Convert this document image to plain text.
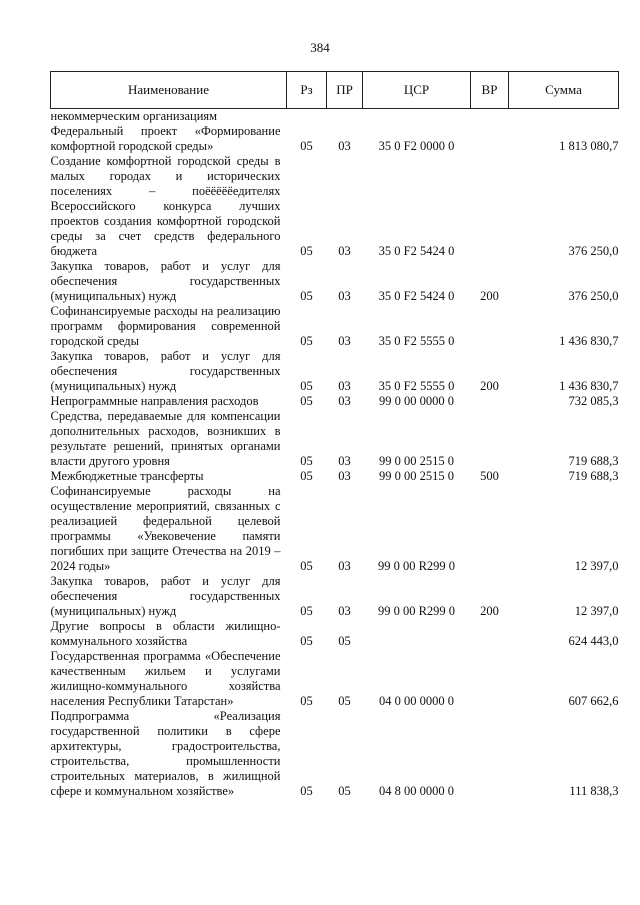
384
Наименование	Рз	ПР	ЦСР	ВР	Сумма
некоммерческим организациям					
Федеральный проект «Формирование комфортной городской среды»	05	03	35 0 F2 0000 0		1 813 080,7
Создание комфортной городской среды в малых городах и исторических поселениях – поёёёёёедителях Всероссийского конкурса лучших проектов создания комфортной городской среды за счет средств федерального бюджета	05	03	35 0 F2 5424 0		376 250,0
Закупка товаров, работ и услуг для обеспечения государственных (муниципальных) нужд	05	03	35 0 F2 5424 0	200	376 250,0
Софинансируемые расходы на реализацию программ формирования современной городской среды	05	03	35 0 F2 5555 0		1 436 830,7
Закупка товаров, работ и услуг для обеспечения государственных (муниципальных) нужд	05	03	35 0 F2 5555 0	200	1 436 830,7
Непрограммные направления расходов	05	03	99 0 00 0000 0		732 085,3
Средства, передаваемые для компенсации дополнительных расходов, возникших в результате решений, принятых органами власти другого уровня	05	03	99 0 00 2515 0		719 688,3
Межбюджетные трансферты	05	03	99 0 00 2515 0	500	719 688,3
Софинансируемые расходы на осуществление мероприятий, связанных с реализацией федеральной целевой программы «Увековечение памяти погибших при защите Отечества на 2019 – 2024 годы»	05	03	99 0 00 R299 0		12 397,0
Закупка товаров, работ и услуг для обеспечения государственных (муниципальных) нужд	05	03	99 0 00 R299 0	200	12 397,0
Другие вопросы в области жилищно-коммунального хозяйства	05	05			624 443,0
Государственная программа «Обеспечение качественным жильем и услугами жилищно-коммунального хозяйства населения Республики Татарстан»	05	05	04 0 00 0000 0		607 662,6
Подпрограмма «Реализация государственной политики в сфере архитектуры, градостроительства, строительства, промышленности строительных материалов, в жилищной сфере и коммунальном хозяйстве»	05	05	04 8 00 0000 0		111 838,3
